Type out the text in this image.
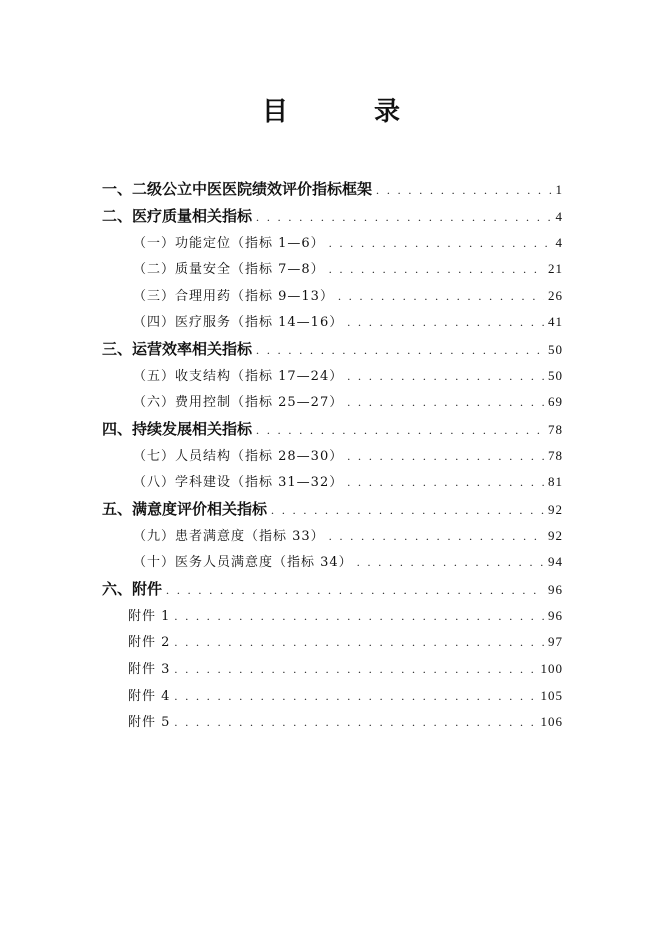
目　录
一、二级公立中医医院绩效评价指标框架 . . .	1
二、医疗质量相关指标 . . .	4
（一）功能定位（指标 1—6） . . .	4
（二）质量安全（指标 7—8） . . .	21
（三）合理用药（指标 9—13） . . .	26
（四）医疗服务（指标 14—16） . . .	41
三、运营效率相关指标 . . .	50
（五）收支结构（指标 17—24） . . .	50
（六）费用控制（指标 25—27） . . .	69
四、持续发展相关指标 . . .	78
（七）人员结构（指标 28—30） . . .	78
（八）学科建设（指标 31—32） . . .	81
五、满意度评价相关指标 . . .	92
（九）患者满意度（指标 33） . . .	92
（十）医务人员满意度（指标 34） . . .	94
六、附件 . . .	96
附件 1 . . .	96
附件 2 . . .	97
附件 3 . . .	100
附件 4 . . .	105
附件 5 . . .	106
